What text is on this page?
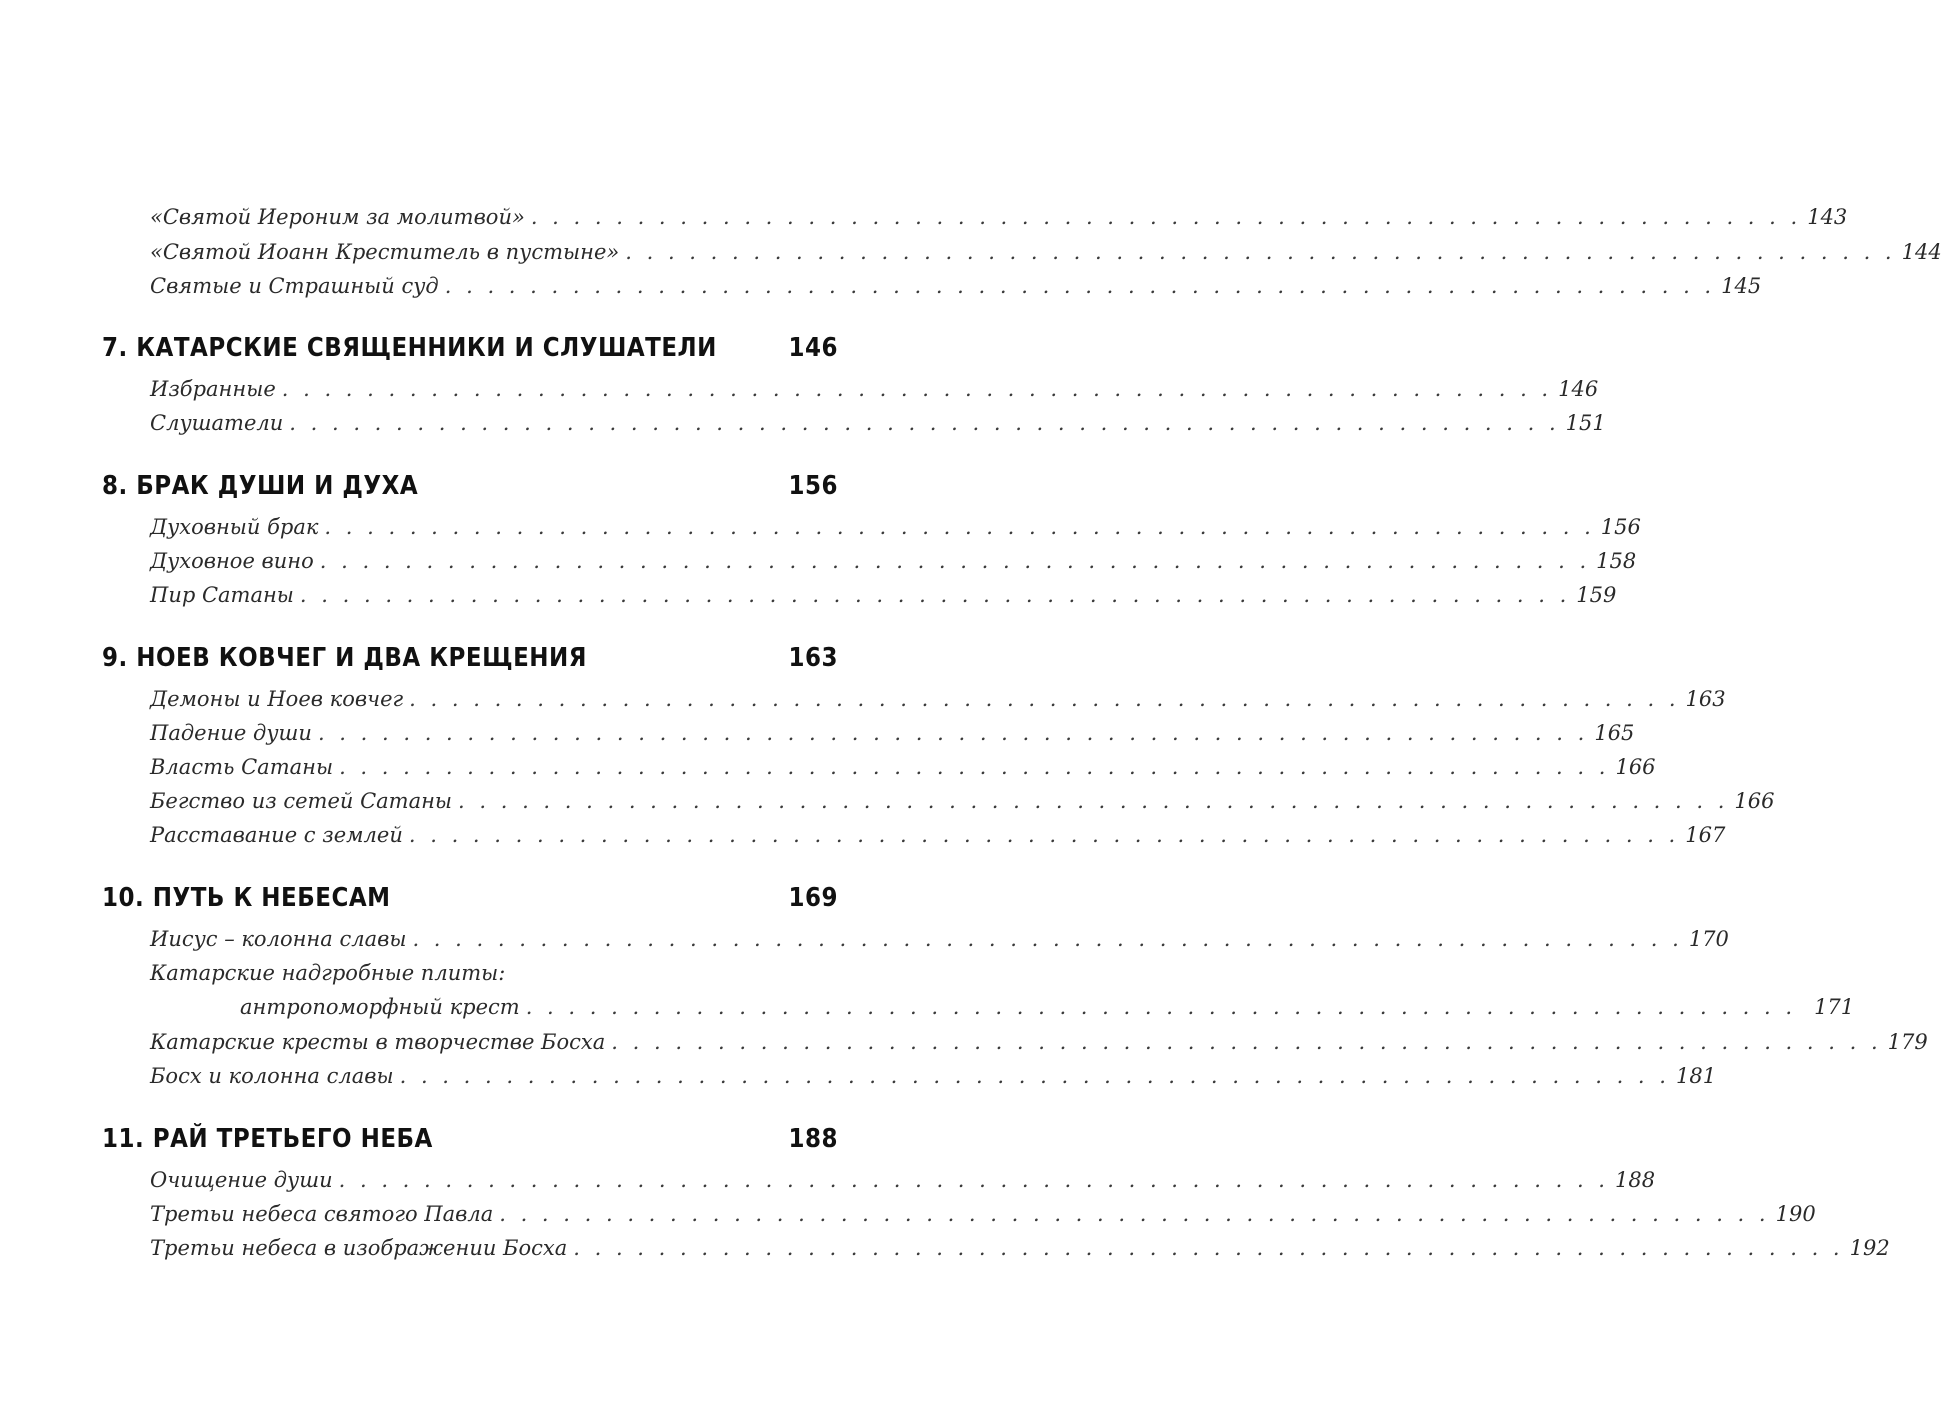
«Святой Иероним за молитвой» . . . . . . . . . . . . . . . . . . . . . . . . . . . . . . . . . . . . . . . . . . . . . . . . . . . . . . . . . . . . 143
«Святой Иоанн Креститель в пустыне» . . . . . . . . . . . . . . . . . . . . . . . . . . . . . . . . . . . . . . . . . . . . . . . . . . . . . . . . . . . . 144
Святые и Страшный суд . . . . . . . . . . . . . . . . . . . . . . . . . . . . . . . . . . . . . . . . . . . . . . . . . . . . . . . . . . . . 145
7. КАТАРСКИЕ СВЯЩЕННИКИ И СЛУШАТЕЛИ	146
Избранные . . . . . . . . . . . . . . . . . . . . . . . . . . . . . . . . . . . . . . . . . . . . . . . . . . . . . . . . . . . . 146
Слушатели . . . . . . . . . . . . . . . . . . . . . . . . . . . . . . . . . . . . . . . . . . . . . . . . . . . . . . . . . . . . 151
8. БРАК ДУШИ И ДУХА	156
Духовный брак . . . . . . . . . . . . . . . . . . . . . . . . . . . . . . . . . . . . . . . . . . . . . . . . . . . . . . . . . . . . 156
Духовное вино . . . . . . . . . . . . . . . . . . . . . . . . . . . . . . . . . . . . . . . . . . . . . . . . . . . . . . . . . . . . 158
Пир Сатаны . . . . . . . . . . . . . . . . . . . . . . . . . . . . . . . . . . . . . . . . . . . . . . . . . . . . . . . . . . . . 159
9. НОЕВ КОВЧЕГ И ДВА КРЕЩЕНИЯ	163
Демоны и Ноев ковчег . . . . . . . . . . . . . . . . . . . . . . . . . . . . . . . . . . . . . . . . . . . . . . . . . . . . . . . . . . . . 163
Падение души . . . . . . . . . . . . . . . . . . . . . . . . . . . . . . . . . . . . . . . . . . . . . . . . . . . . . . . . . . . . 165
Власть Сатаны . . . . . . . . . . . . . . . . . . . . . . . . . . . . . . . . . . . . . . . . . . . . . . . . . . . . . . . . . . . . 166
Бегство из сетей Сатаны . . . . . . . . . . . . . . . . . . . . . . . . . . . . . . . . . . . . . . . . . . . . . . . . . . . . . . . . . . . . 166
Расставание с землей . . . . . . . . . . . . . . . . . . . . . . . . . . . . . . . . . . . . . . . . . . . . . . . . . . . . . . . . . . . . 167
10. ПУТЬ К НЕБЕСАМ	169
Иисус – колонна славы . . . . . . . . . . . . . . . . . . . . . . . . . . . . . . . . . . . . . . . . . . . . . . . . . . . . . . . . . . . . 170
Катарские надгробные плиты:
антропоморфный крест . . . . . . . . . . . . . . . . . . . . . . . . . . . . . . . . . . . . . . . . . . . . . . . . . . . . . . . . . . . . 171
Катарские кресты в творчестве Босха . . . . . . . . . . . . . . . . . . . . . . . . . . . . . . . . . . . . . . . . . . . . . . . . . . . . . . . . . . . . 179
Босх и колонна славы . . . . . . . . . . . . . . . . . . . . . . . . . . . . . . . . . . . . . . . . . . . . . . . . . . . . . . . . . . . . 181
11. РАЙ ТРЕТЬЕГО НЕБА	188
Очищение души . . . . . . . . . . . . . . . . . . . . . . . . . . . . . . . . . . . . . . . . . . . . . . . . . . . . . . . . . . . . 188
Третьи небеса святого Павла . . . . . . . . . . . . . . . . . . . . . . . . . . . . . . . . . . . . . . . . . . . . . . . . . . . . . . . . . . . . 190
Третьи небеса в изображении Босха . . . . . . . . . . . . . . . . . . . . . . . . . . . . . . . . . . . . . . . . . . . . . . . . . . . . . . . . . . . . 192
